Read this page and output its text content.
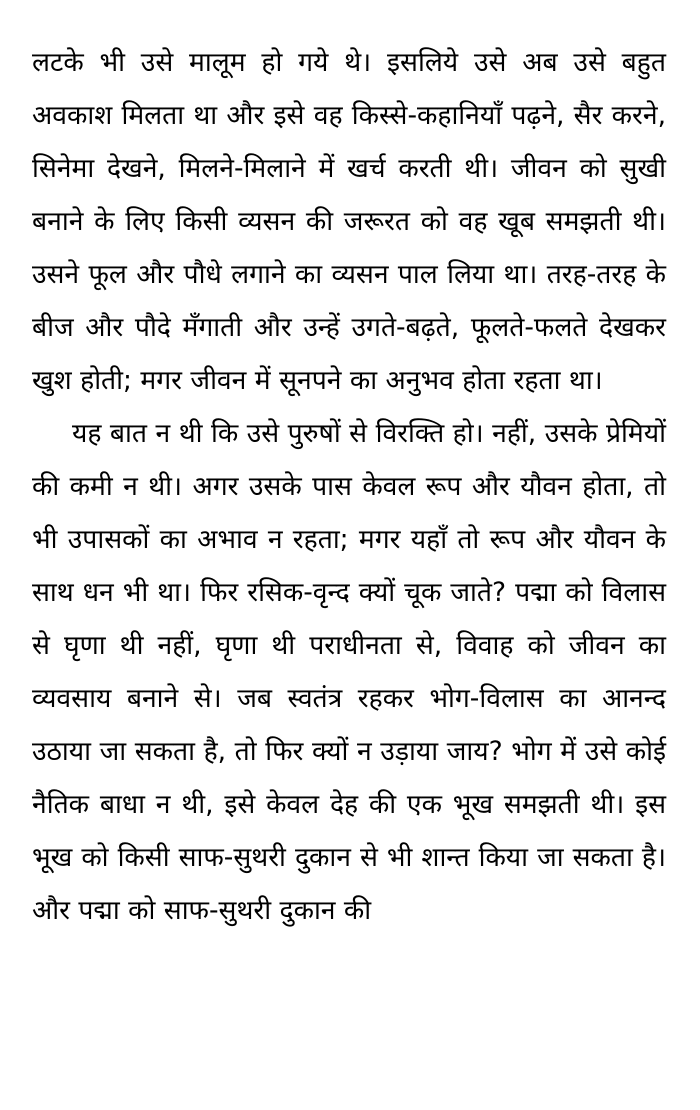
लटके भी उसे मालूम हो गये थे। इसलिये उसे अब उसे बहुत अवकाश मिलता था और इसे वह किस्से-कहानियाँ पढ़ने, सैर करने, सिनेमा देखने, मिलने-मिलाने में खर्च करती थी। जीवन को सुखी बनाने के लिए किसी व्यसन की जरूरत को वह खूब समझती थी। उसने फूल और पौधे लगाने का व्यसन पाल लिया था। तरह-तरह के बीज और पौदे मँगाती और उन्हें उगते-बढ़ते, फूलते-फलते देखकर खुश होती; मगर जीवन में सूनपने का अनुभव होता रहता था।

यह बात न थी कि उसे पुरुषों से विरक्ति हो। नहीं, उसके प्रेमियों की कमी न थी। अगर उसके पास केवल रूप और यौवन होता, तो भी उपासकों का अभाव न रहता; मगर यहाँ तो रूप और यौवन के साथ धन भी था। फिर रसिक-वृन्द क्यों चूक जाते? पद्मा को विलास से घृणा थी नहीं, घृणा थी पराधीनता से, विवाह को जीवन का व्यवसाय बनाने से। जब स्वतंत्र रहकर भोग-विलास का आनन्द उठाया जा सकता है, तो फिर क्यों न उड़ाया जाय? भोग में उसे कोई नैतिक बाधा न थी, इसे केवल देह की एक भूख समझती थी। इस भूख को किसी साफ-सुथरी दुकान से भी शान्त किया जा सकता है। और पद्मा को साफ-सुथरी दुकान की
